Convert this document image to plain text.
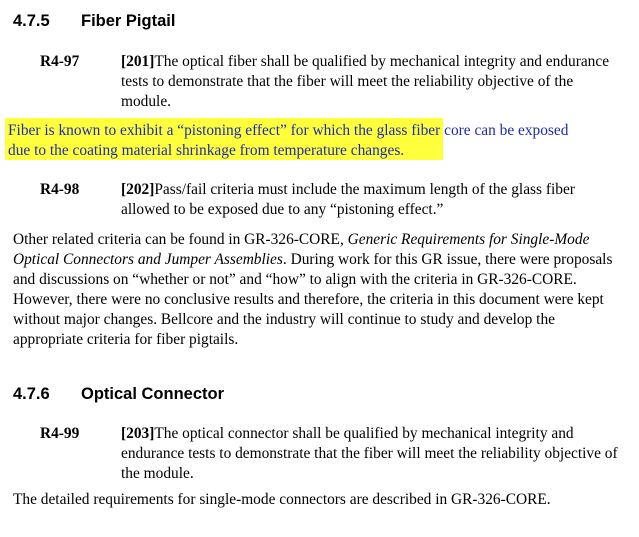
4.7.5 Fiber Pigtail
R4-97	[201]The optical fiber shall be qualified by mechanical integrity and endurance tests to demonstrate that the fiber will meet the reliability objective of the module.
Fiber is known to exhibit a “pistoning effect” for which the glass fiber core can be exposed
due to the coating material shrinkage from temperature changes.
R4-98	[202]Pass/fail criteria must include the maximum length of the glass fiber allowed to be exposed due to any “pistoning effect.”
Other related criteria can be found in GR-326-CORE, Generic Requirements for Single-Mode Optical Connectors and Jumper Assemblies. During work for this GR issue, there were proposals and discussions on “whether or not” and “how” to align with the criteria in GR-326-CORE. However, there were no conclusive results and therefore, the criteria in this document were kept without major changes. Bellcore and the industry will continue to study and develop the appropriate criteria for fiber pigtails.
4.7.6 Optical Connector
R4-99	[203]The optical connector shall be qualified by mechanical integrity and endurance tests to demonstrate that the fiber will meet the reliability objective of the module.
The detailed requirements for single-mode connectors are described in GR-326-CORE.
